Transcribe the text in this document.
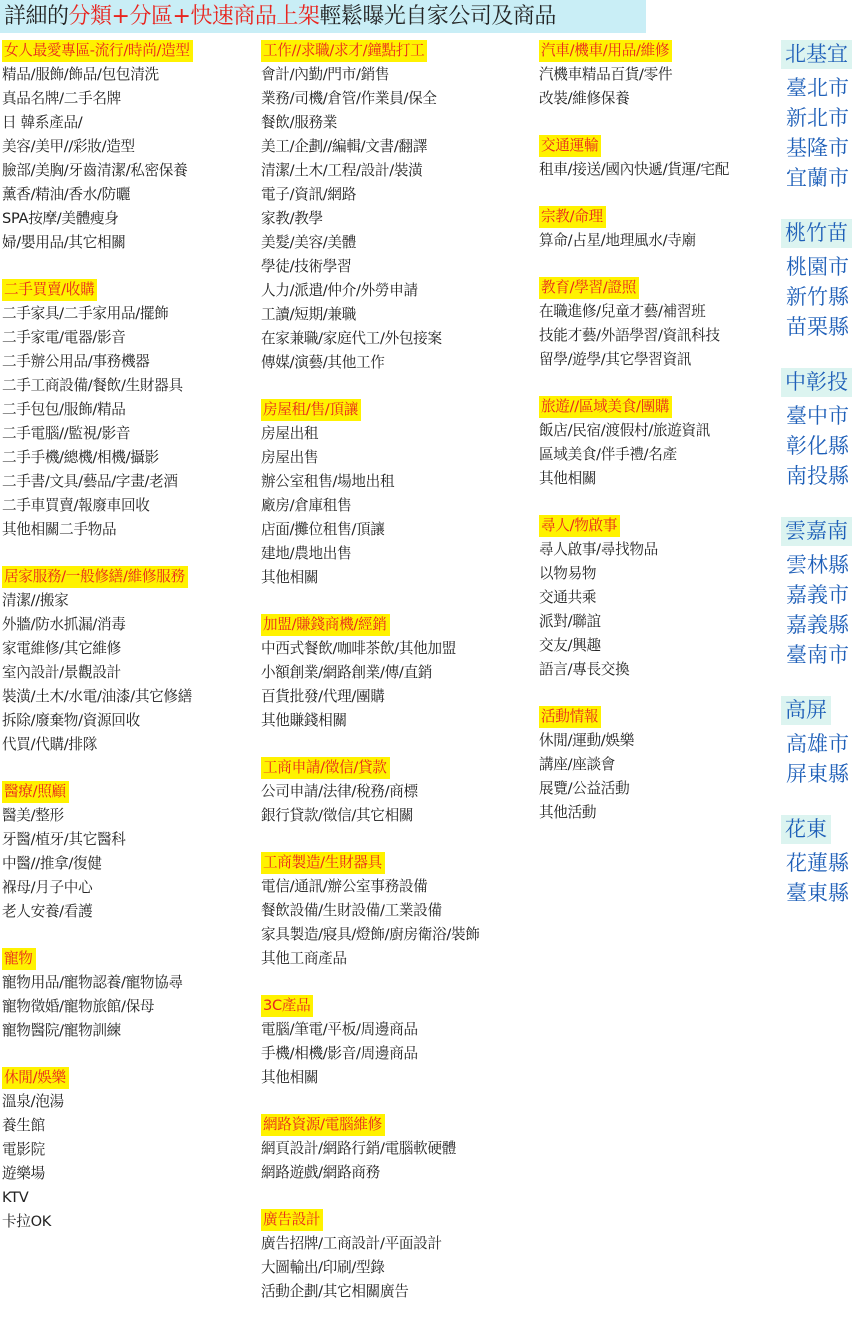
詳細的分類+分區+快速商品上架輕鬆曝光自家公司及商品
女人最愛專區-流行/時尚/造型
精品/服飾/飾品/包包清洗
真品名牌/二手名牌
日 韓系產品/
美容/美甲//彩妝/造型
臉部/美胸/牙齒清潔/私密保養
薰香/精油/香水/防曬
SPA按摩/美體瘦身
婦/嬰用品/其它相關
二手買賣/收購
二手家具/二手家用品/擺飾
二手家電/電器/影音
二手辦公用品/事務機器
二手工商設備/餐飲/生財器具
二手包包/服飾/精品
二手電腦//監視/影音
二手手機/總機/相機/攝影
二手書/文具/藝品/字畫/老酒
二手車買賣/報廢車回收
其他相關二手物品
居家服務/一般修繕/維修服務
清潔//搬家
外牆/防水抓漏/消毒
家電維修/其它維修
室內設計/景觀設計
裝潢/土木/水電/油漆/其它修繕
拆除/廢棄物/資源回收
代買/代購/排隊
醫療/照顧
醫美/整形
牙醫/植牙/其它醫科
中醫//推拿/復健
褓母/月子中心
老人安養/看護
寵物
寵物用品/寵物認養/寵物協尋
寵物徵婚/寵物旅館/保母
寵物醫院/寵物訓練
休閒/娛樂
溫泉/泡湯
養生館
電影院
遊樂場
KTV
卡拉OK
工作//求職/求才/鐘點打工
會計/內勤/門市/銷售
業務/司機/倉管/作業員/保全
餐飲/服務業
美工/企劃//編輯/文書/翻譯
清潔/土木/工程/設計/裝潢
電子/資訊/網路
家教/教學
美髮/美容/美體
學徒/技術學習
人力/派遣/仲介/外勞申請
工讀/短期/兼職
在家兼職/家庭代工/外包接案
傳媒/演藝/其他工作
房屋租/售/頂讓
房屋出租
房屋出售
辦公室租售/場地出租
廠房/倉庫租售
店面/攤位租售/頂讓
建地/農地出售
其他相關
加盟/賺錢商機/經銷
中西式餐飲/咖啡茶飲/其他加盟
小額創業/網路創業/傳/直銷
百貨批發/代理/團購
其他賺錢相關
工商申請/徵信/貸款
公司申請/法律/稅務/商標
銀行貸款/徵信/其它相關
工商製造/生財器具
電信/通訊/辦公室事務設備
餐飲設備/生財設備/工業設備
家具製造/寢具/燈飾/廚房衛浴/裝飾
其他工商產品
3C產品
電腦/筆電/平板/周邊商品
手機/相機/影音/周邊商品
其他相關
網路資源/電腦維修
網頁設計/網路行銷/電腦軟硬體
網路遊戲/網路商務
廣告設計
廣告招牌/工商設計/平面設計
大圖輸出/印刷/型錄
活動企劃/其它相關廣告
汽車/機車/用品/維修
汽機車精品百貨/零件
改裝/維修保養
交通運輸
租車/接送/國內快遞/貨運/宅配
宗教/命理
算命/占星/地理風水/寺廟
教育/學習/證照
在職進修/兒童才藝/補習班
技能才藝/外語學習/資訊科技
留學/遊學/其它學習資訊
旅遊//區域美食/團購
飯店/民宿/渡假村/旅遊資訊
區域美食/伴手禮/名產
其他相關
尋人/物啟事
尋人啟事/尋找物品
以物易物
交通共乘
派對/聯誼
交友/興趣
語言/專長交換
活動情報
休閒/運動/娛樂
講座/座談會
展覽/公益活動
其他活動
北基宜
臺北市
新北市
基隆市
宜蘭市
桃竹苗
桃園市
新竹縣
苗栗縣
中彰投
臺中市
彰化縣
南投縣
雲嘉南
雲林縣
嘉義市
嘉義縣
臺南市
高屏
高雄市
屏東縣
花東
花蓮縣
臺東縣
